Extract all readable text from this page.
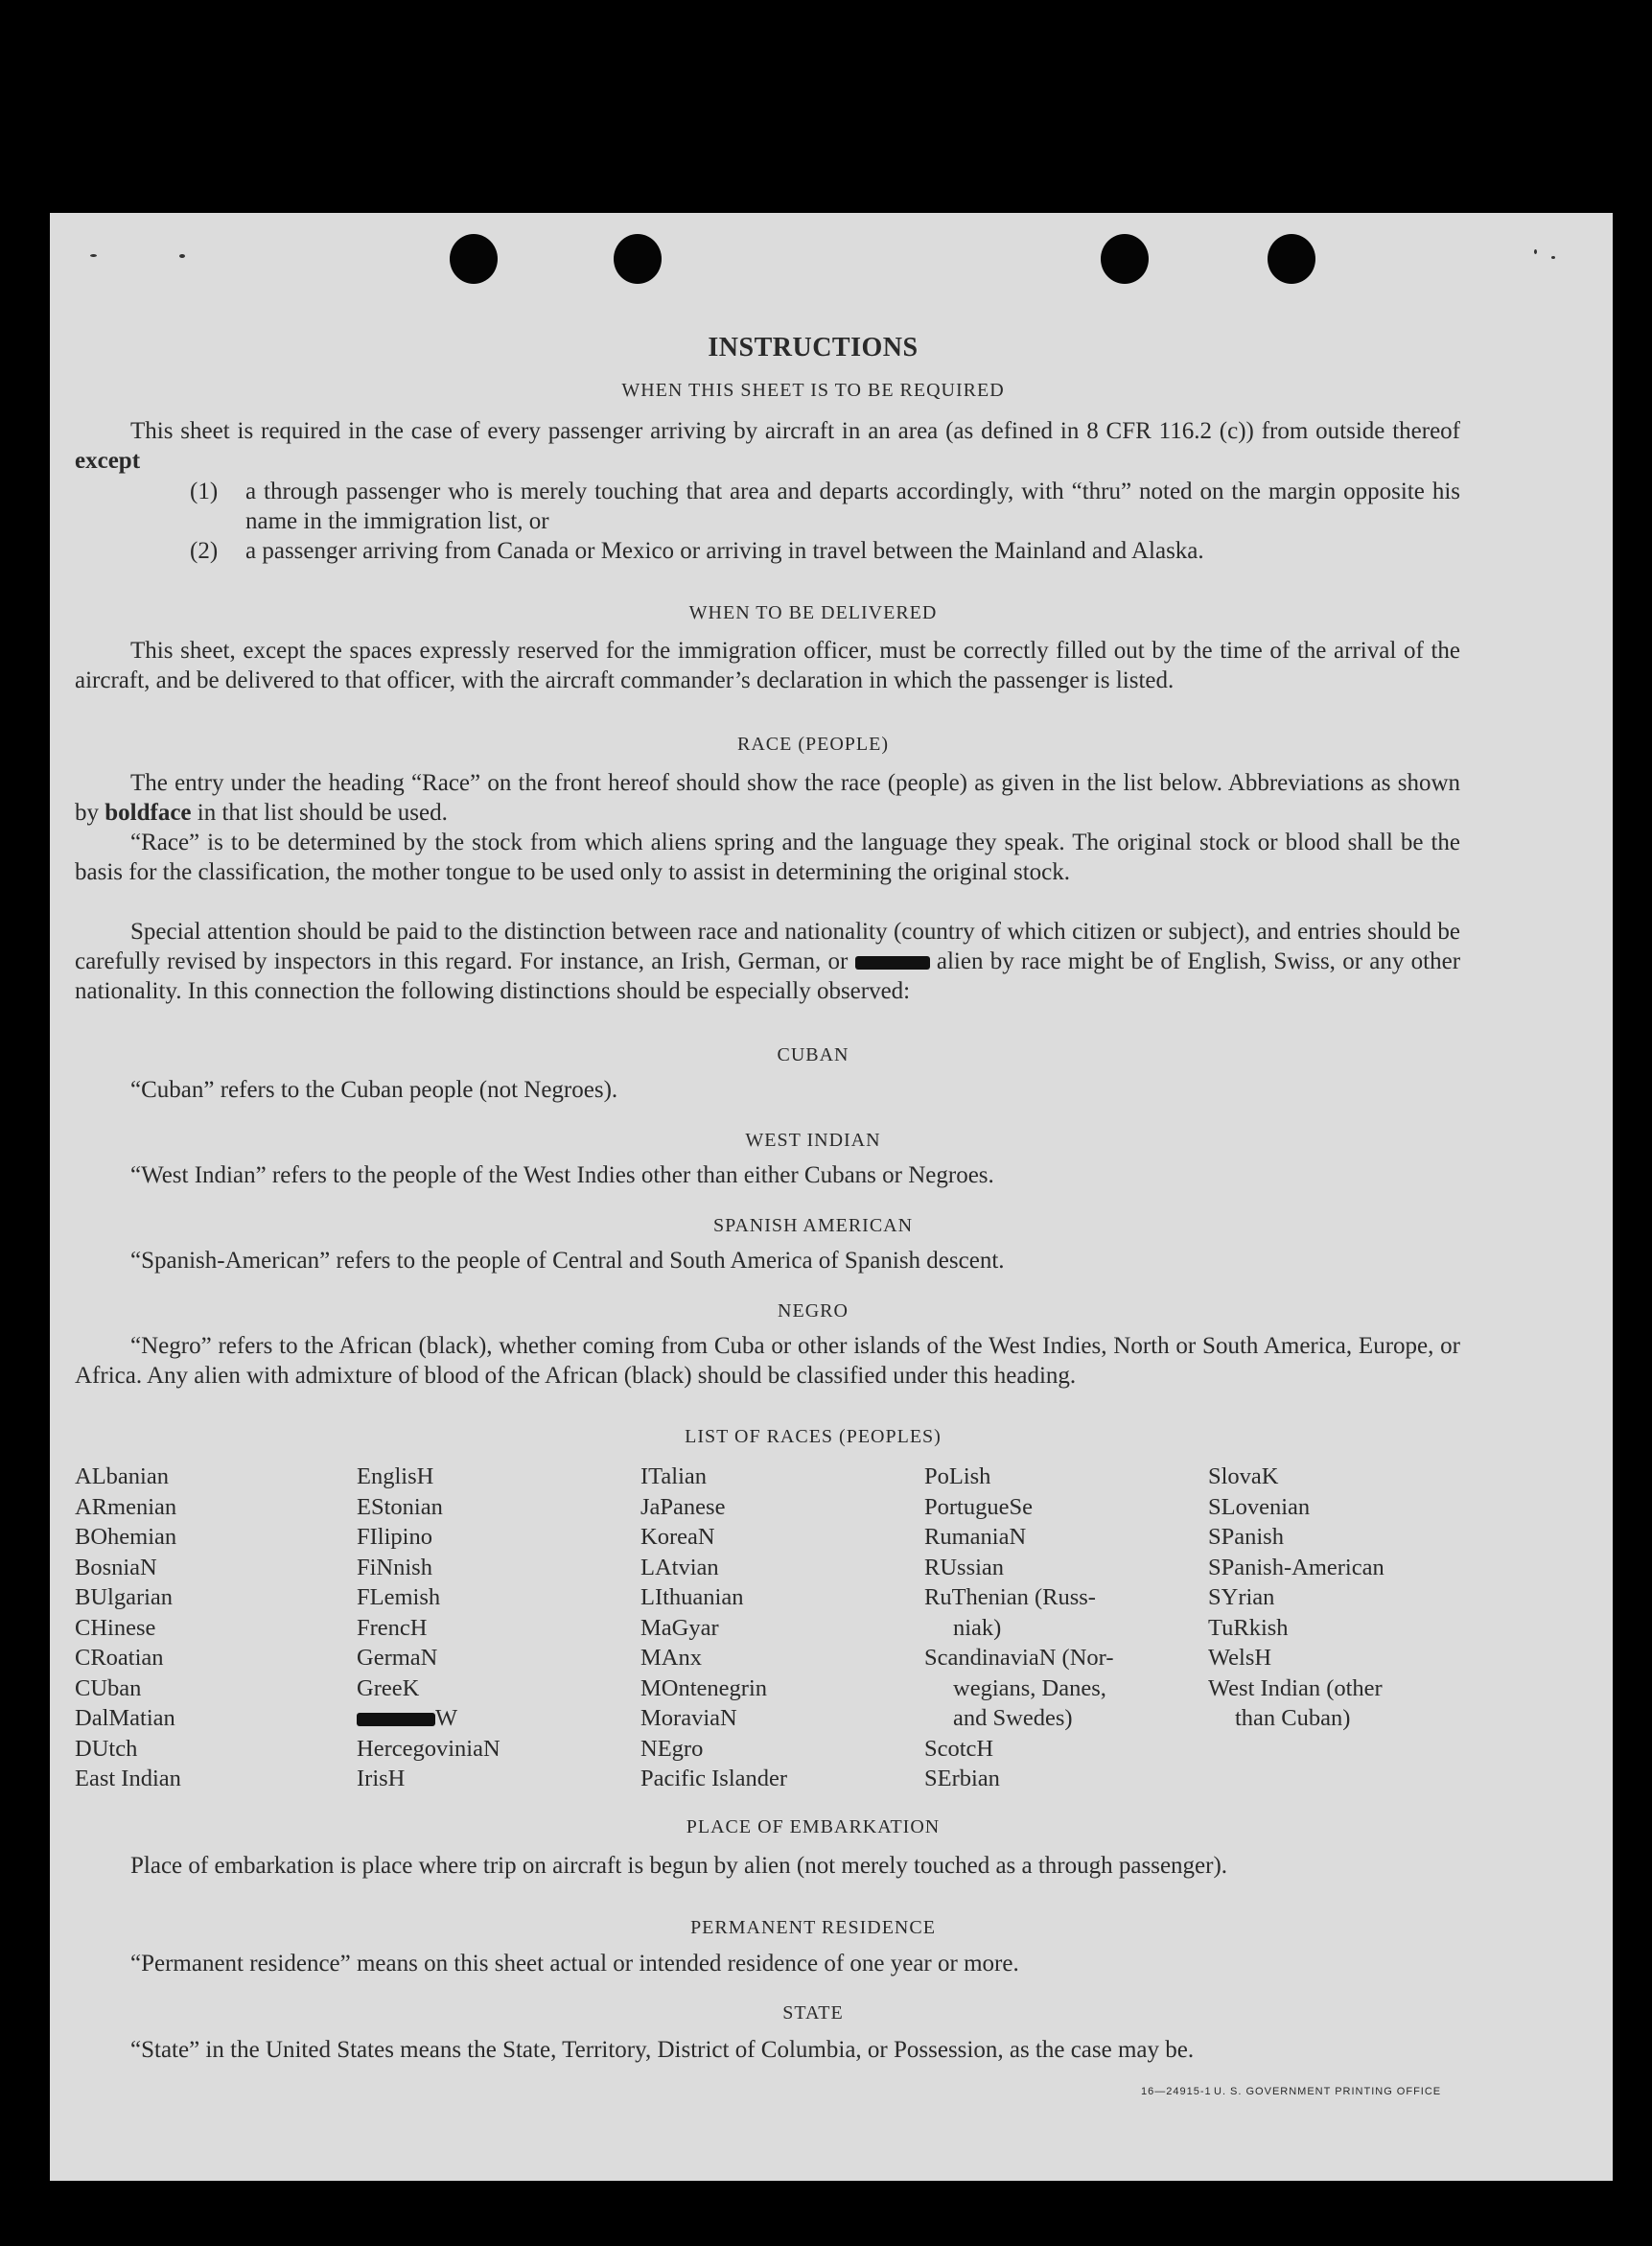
INSTRUCTIONS
WHEN THIS SHEET IS TO BE REQUIRED
This sheet is required in the case of every passenger arriving by aircraft in an area (as defined in 8 CFR 116.2 (c)) from outside thereof except
(1) a through passenger who is merely touching that area and departs accordingly, with “thru” noted on the margin opposite his name in the immigration list, or
(2) a passenger arriving from Canada or Mexico or arriving in travel between the Mainland and Alaska.
WHEN TO BE DELIVERED
This sheet, except the spaces expressly reserved for the immigration officer, must be correctly filled out by the time of the arrival of the aircraft, and be delivered to that officer, with the aircraft commander’s declaration in which the passenger is listed.
RACE (PEOPLE)
The entry under the heading “Race” on the front hereof should show the race (people) as given in the list below. Abbreviations as shown by boldface in that list should be used.
“Race” is to be determined by the stock from which aliens spring and the language they speak. The original stock or blood shall be the basis for the classification, the mother tongue to be used only to assist in determining the original stock.
Special attention should be paid to the distinction between race and nationality (country of which citizen or subject), and entries should be carefully revised by inspectors in this regard. For instance, an Irish, German, or	alien by race might be of English, Swiss, or any other nationality. In this connection the following distinctions should be especially observed:
CUBAN
“Cuban” refers to the Cuban people (not Negroes).
WEST INDIAN
“West Indian” refers to the people of the West Indies other than either Cubans or Negroes.
SPANISH AMERICAN
“Spanish-American” refers to the people of Central and South America of Spanish descent.
NEGRO
“Negro” refers to the African (black), whether coming from Cuba or other islands of the West Indies, North or South America, Europe, or Africa. Any alien with admixture of blood of the African (black) should be classified under this heading.
LIST OF RACES (PEOPLES)
ALbanian
ARmenian
BOhemian
BosniaN
BUlgarian
CHinese
CRoatian
CUban
DalMatian
DUtch
East Indian
EnglisH
EStonian
FIlipino
FiNnish
FLemish
FrencH
GermaN
GreeK
W
HercegoviniaN
IrisH
ITalian
JaPanese
KoreaN
LAtvian
LIthuanian
MaGyar
MAnx
MOntenegrin
MoraviaN
NEgro
Pacific Islander
PoLish
PortugueSe
RumaniaN
RUssian
RuThenian (Russ-
niak)
ScandinaviaN (Nor-
wegians, Danes,
and Swedes)
ScotcH
SErbian
SlovaK
SLovenian
SPanish
SPanish-American
SYrian
TuRkish
WelsH
West Indian (other
than Cuban)
PLACE OF EMBARKATION
Place of embarkation is place where trip on aircraft is begun by alien (not merely touched as a through passenger).
PERMANENT RESIDENCE
“Permanent residence” means on this sheet actual or intended residence of one year or more.
STATE
“State” in the United States means the State, Territory, District of Columbia, or Possession, as the case may be.
16—24915-1 U. S. GOVERNMENT PRINTING OFFICE
